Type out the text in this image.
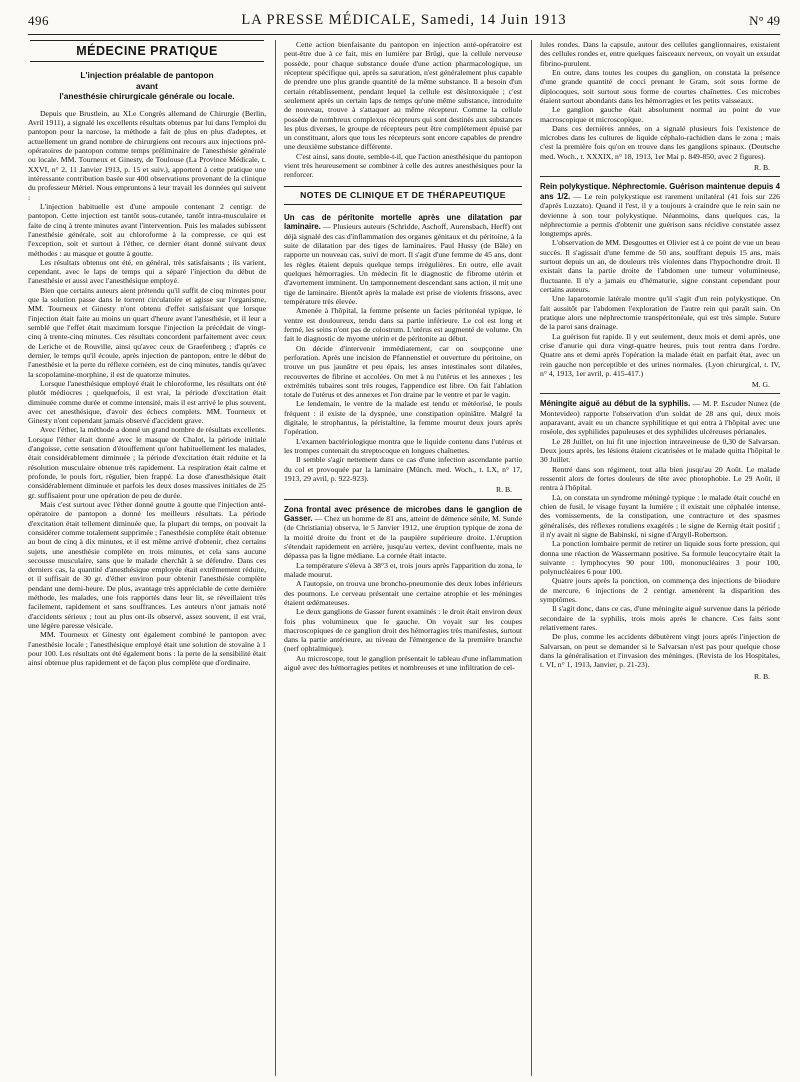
496	LA PRESSE MÉDICALE, Samedi, 14 Juin 1913	N° 49
MÉDECINE PRATIQUE
L'injection préalable de pantopon
avant
l'anesthésie chirurgicale générale ou locale.

Depuis que Brustlein, au XLe Congrès allemand de Chirurgie (Berlin, Avril 1911), a signalé les excellents résultats obtenus par lui dans l'emploi du pantopon pour la narcose, la méthode a fait de plus en plus d'adeptes, et actuellement un grand nombre de chirurgiens ont recours aux injections pré-opératoires de pantopon comme temps préliminaire de l'anesthésie générale ou locale. MM. Tourneux et Ginesty, de Toulouse (La Province Médicale, t. XXVI, n° 2, 11 Janvier 1913, p. 15 et suiv.), apportent à cette pratique une intéressante contribution basée sur 400 observations provenant de la clinique du professeur Mériel. Nous empruntons à leur travail les données qui suivent :

L'injection habituelle est d'une ampoule contenant 2 centigr. de pantopon. Cette injection est tantôt sous-cutanée, tantôt intra-musculaire et faite de cinq à trente minutes avant l'intervention. Puis les malades subissent l'anesthésie générale, soit au chloroforme à la compresse, ce qui est l'exception, soit et surtout à l'éther, ce dernier étant donné suivant deux méthodes : au masque et goutte à goutte.

Les résultats obtenus ont été, en général, très satisfaisants ; ils varient, cependant, avec le laps de temps qui a séparé l'injection du début de l'anesthésie et aussi avec l'anesthésique employé.

Bien que certains auteurs aient prétendu qu'il suffit de cinq minutes pour que la solution passe dans le torrent circulatoire et agisse sur l'organisme, MM. Tourneux et Ginesty n'ont obtenu d'effet satisfaisant que lorsque l'injection était faite au moins un quart d'heure avant l'anesthésie, et il leur a semblé que l'effet était maximum lorsque l'injection la précédait de vingt-cinq à trente-cinq minutes. Ces résultats concordent parfaitement avec ceux de Leriche et de Rouville, ainsi qu'avec ceux de Graefenberg ; d'après ce dernier, le temps qu'il écoule, après injection de pantopon, entre le début de l'anesthésie et la perte du réflexe cornéen, est de cinq minutes, tandis qu'avec la scopolamine-morphine, il est de quatorze minutes.

Lorsque l'anesthésique employé était le chloroforme, les résultats ont été plutôt médiocres ; quelquefois, il est vrai, la période d'excitation était diminuée comme durée et comme intensité, mais il est arrivé le plus souvent, avec cet anesthésique, d'avoir des échecs complets. MM. Tourneux et Ginesty n'ont cependant jamais observé d'accident grave.

Avec l'éther, la méthode a donné un grand nombre de résultats excellents. Lorsque l'éther était donné avec le masque de Chalot, la période initiale d'angoisse, cette sensation d'étouffement qu'ont habituellement les malades, était considérablement diminuée ; la période d'excitation était réduite et la résolution musculaire obtenue très rapidement. La respiration était calme et profonde, le pouls fort, régulier, bien frappé. La dose d'anesthésique était considérablement diminuée et parfois les deux doses massives initiales de 25 gr. suffisaient pour une opération de peu de durée.

Mais c'est surtout avec l'éther donné goutte à goutte que l'injection anté-opératoire de pantopon a donné les meilleurs résultats. La période d'excitation était tellement diminuée que, la plupart du temps, on pouvait la considérer comme totalement supprimée ; l'anesthésie complète était obtenue au bout de cinq à dix minutes, et il est même arrivé d'obtenir, chez certains sujets, une anesthésie complète en trois minutes, et cela sans aucune secousse musculaire, sans que le malade cherchât à se défendre. Dans ces derniers cas, la quantité d'anesthésique employée était extrêmement réduite, et il suffisait de 30 gr. d'éther environ pour obtenir l'anesthésie complète pendant une demi-heure. De plus, avantage très appréciable de cette dernière méthode, les malades, une fois rapportés dans leur lit, se réveillaient très facilement, rapidement et sans souffrances. Les auteurs n'ont jamais noté d'accidents sérieux ; tout au plus ont-ils observé, assez souvent, il est vrai, une légère paresse vésicale.

MM. Tourneux et Ginesty ont également combiné le pantopon avec l'anesthésie locale ; l'anesthésique employé était une solution de stovaïne à 1 pour 100. Les résultats ont été également bons : la perte de la sensibilité était ainsi obtenue plus rapidement et de façon plus complète que d'ordinaire.

Cette action bienfaisante du pantopon en injection anté-opératoire est peut-être due à ce fait, mis en lumière par Brügi, que la cellule nerveuse possède, pour chaque substance douée d'une action pharmacologique, un récepteur spécifique qui, après sa saturation, n'est généralement plus capable de prendre une plus grande quantité de la même substance. Il a besoin d'un certain rétablissement, pendant lequel la cellule est désintoxiquée ; c'est seulement après un certain laps de temps qu'une même substance, introduite de nouveau, trouve à s'attaquer au même récepteur. Comme la cellule possède de nombreux complexus récepteurs qui sont destinés aux substances les plus diverses, le groupe de récepteurs peut être complètement épuisé par un constituant, alors que tous les récepteurs sont encore capables de prendre une deuxième substance différente.

C'est ainsi, sans doute, semble-t-il, que l'action anesthésique du pantopon vient très heureusement se combiner à celle des autres anesthésiques pour la renforcer.

NOTES DE CLINIQUE ET DE THÉRAPEUTIQUE

Un cas de péritonite mortelle après une dilatation par laminaire. — Plusieurs auteurs (Schridde, Aschoff, Aurensbach, Herff) ont déjà signalé des cas d'inflammation des organes génitaux et du péritoine, à la suite de dilatation par des tiges de laminaires. Paul Hussy (de Bâle) en rapporte un nouveau cas, suivi de mort. Il s'agit d'une femme de 45 ans, dont les règles étaient depuis quelque temps irrégulières. En outre, elle avait quelques hémorragies. Un médecin fit le diagnostic de fibrome utérin et d'avortement imminent. Un tamponnement descendant sans action, il mit une tige de laminaire. Bientôt après la malade est prise de violents frissons, avec température très élevée.

Amenée à l'hôpital, la femme présente un facies péritonéal typique, le ventre est douloureux, tendu dans sa partie inférieure. Le col est long et fermé, les seins n'ont pas de colostrum. L'utérus est augmenté de volume. On fait le diagnostic de myome utérin et de péritonite au début.

On décide d'intervenir immédiatement, car on soupçonne une perforation. Après une incision de Pfannenstiel et ouverture du péritoine, on trouve un pus jaunâtre et peu épais, les anses intestinales sont dilatées, recouvertes de fibrine et accolées. On met à nu l'utérus et les annexes ; les extrémités tubaires sont très rouges, l'appendice est libre. On fait l'ablation totale de l'utérus et des annexes et l'on draine par le ventre et par le vagin.

Le lendemain, le ventre de la malade est tendu et météorisé, le pouls fréquent : il existe de la dyspnée, une constipation opiniâtre. Malgré la digitale, le strophantus, la péristaltine, la femme mourut deux jours après l'opération.

L'examen bactériologique montra que le liquide contenu dans l'utérus et les trompes contenait du streptocoque en longues chaînettes.

Il semble s'agir nettement dans ce cas d'une infection ascendante partie du col et provoquée par la laminaire (Münch. med. Woch., t. LX, n° 17, 1913, 29 avril, p. 922-923).

R. B.

Zona frontal avec présence de microbes dans le ganglion de Gasser. — Chez un homme de 81 ans, atteint de démence sénile, M. Sunde (de Christiania) observa, le 5 Janvier 1912, une éruption typique de zona de la moitié droite du front et de la paupière supérieure droite. L'éruption s'étendait rapidement en arrière, jusqu'au vertex, devint confluente, mais ne dépassa pas la ligne médiane. La cornée était intacte.

La température s'éleva à 38°3 et, trois jours après l'apparition du zona, le malade mourut.

A l'autopsie, on trouva une broncho-pneumonie des deux lobes inférieurs des poumons. Le cerveau présentait une certaine atrophie et les méninges étaient œdémateuses.

Le deux ganglions de Gasser furent examinés : le droit était environ deux fois plus volumineux que le gauche. On voyait sur les coupes macroscopiques de ce ganglion droit des hémorragies très manifestes, surtout dans la partie antérieure, au niveau de l'émergence de la première branche (nerf ophtalmique).

Au microscope, tout le ganglion présentait le tableau d'une inflammation aiguë avec des hémorragies petites et nombreuses et une infiltration de cel-

lules rondes. Dans la capsule, autour des cellules ganglionnaires, existaient des cellules rondes et, entre quelques faisceaux nerveux, on voyait un exsudat fibrino-purulent.

En outre, dans toutes les coupes du ganglion, on constata la présence d'une grande quantité de cocci prenant le Gram, soit sous forme de diplocoques, soit surtout sous forme de courtes chaînettes. Ces microbes étaient surtout abondants dans les hémorragies et les petits vaisseaux.

Le ganglion gauche était absolument normal au point de vue macroscopique et microscopique.

Dans ces dernières années, on a signalé plusieurs fois l'existence de microbes dans les cultures de liquide céphalo-rachidien dans le zona ; mais c'est la première fois qu'on en trouve dans les ganglions spinaux. (Deutsche med. Woch., t. XXXIX, n° 18, 1913, 1er Mai p. 849-850, avec 2 figures).

R. B.

Rein polykystique. Néphrectomie. Guérison maintenue depuis 4 ans 1/2. — Le rein polykystique est rarement unilatéral (41 fois sur 226 d'après Luzzato). Quand il l'est, il y a toujours à craindre que le rein sain ne devienne à son tour polykystique. Néanmoins, dans quelques cas, la néphrectomie a permis d'obtenir une guérison sans récidive constatée assez longtemps après.

L'observation de MM. Desgouttes et Olivier est à ce point de vue un beau succès. Il s'agissait d'une femme de 50 ans, souffrant depuis 15 ans, mais surtout depuis un an, de douleurs très violentes dans l'hypochondre droit. Il existait dans la partie droite de l'abdomen une tumeur volumineuse, fluctuante. Il n'y a jamais eu d'hématurie, signe constant cependant pour certains auteurs.

Une laparotomie latérale montre qu'il s'agit d'un rein polykystique. On fait aussitôt par l'abdomen l'exploration de l'autre rein qui paraît sain. On pratique alors une néphrectomie transpéritonéale, qui est très simple. Suture de la paroi sans drainage.

La guérison fut rapide. Il y eut seulement, deux mois et demi après, une crise d'anurie qui dura vingt-quatre heures, puis tout rentra dans l'ordre. Quatre ans et demi après l'opération la malade était en parfait état, avec un rein gauche non perceptible et des urines normales. (Lyon chirurgical, t. IV, n° 4, 1913, 1er avril, p. 415-417.)

M. G.

Méningite aiguë au début de la syphilis. — M. P. Escuder Nunez (de Montevideo) rapporte l'observation d'un soldat de 28 ans qui, deux mois auparavant, avait eu un chancre syphilitique et qui entra à l'hôpital avec une roséole, des syphilides papuleuses et des syphilides ulcéreuses périanales.

Le 28 Juillet, on lui fit une injection intraveineuse de 0,30 de Salvarsan. Deux jours après, les lésions étaient cicatrisées et le malade quitta l'hôpital le 30 Juillet.

Rentré dans son régiment, tout alla bien jusqu'au 20 Août. Le malade ressentit alors de fortes douleurs de tête avec photophobie. Le 29 Août, il rentra à l'hôpital.

Là, on constata un syndrome méningé typique : le malade était couché en chien de fusil, le visage fuyant la lumière ; il existait une céphalée intense, des vomissements, de la constipation, une contracture et des spasmes généralisés, des réflexes rotuliens exagérés ; le signe de Kernig était positif ; il n'y avait ni signe de Babinski, ni signe d'Argyll-Robertson.

La ponction lombaire permit de retirer un liquide sous forte pression, qui donna une réaction de Wassermann positive. Sa formule leucocytaire était la suivante : lymphocytes 90 pour 100, mononucléaires 3 pour 100, polynucléaires 6 pour 100.

Quatre jours après la ponction, on commença des injections de biiodure de mercure, 6 injections de 2 centigr. amenèrent la disparition des symptômes.

Il s'agit donc, dans ce cas, d'une méningite aiguë survenue dans la période secondaire de la syphilis, trois mois après le chancre. Ces faits sont relativement rares.

De plus, comme les accidents débutèrent vingt jours après l'injection de Salvarsan, on peut se demander si le Salvarsan n'est pas pour quelque chose dans la généralisation et l'invasion des méninges. (Revista de los Hospitales, t. VI, n° 1, 1913, Janvier, p. 21-23).

R. B.
